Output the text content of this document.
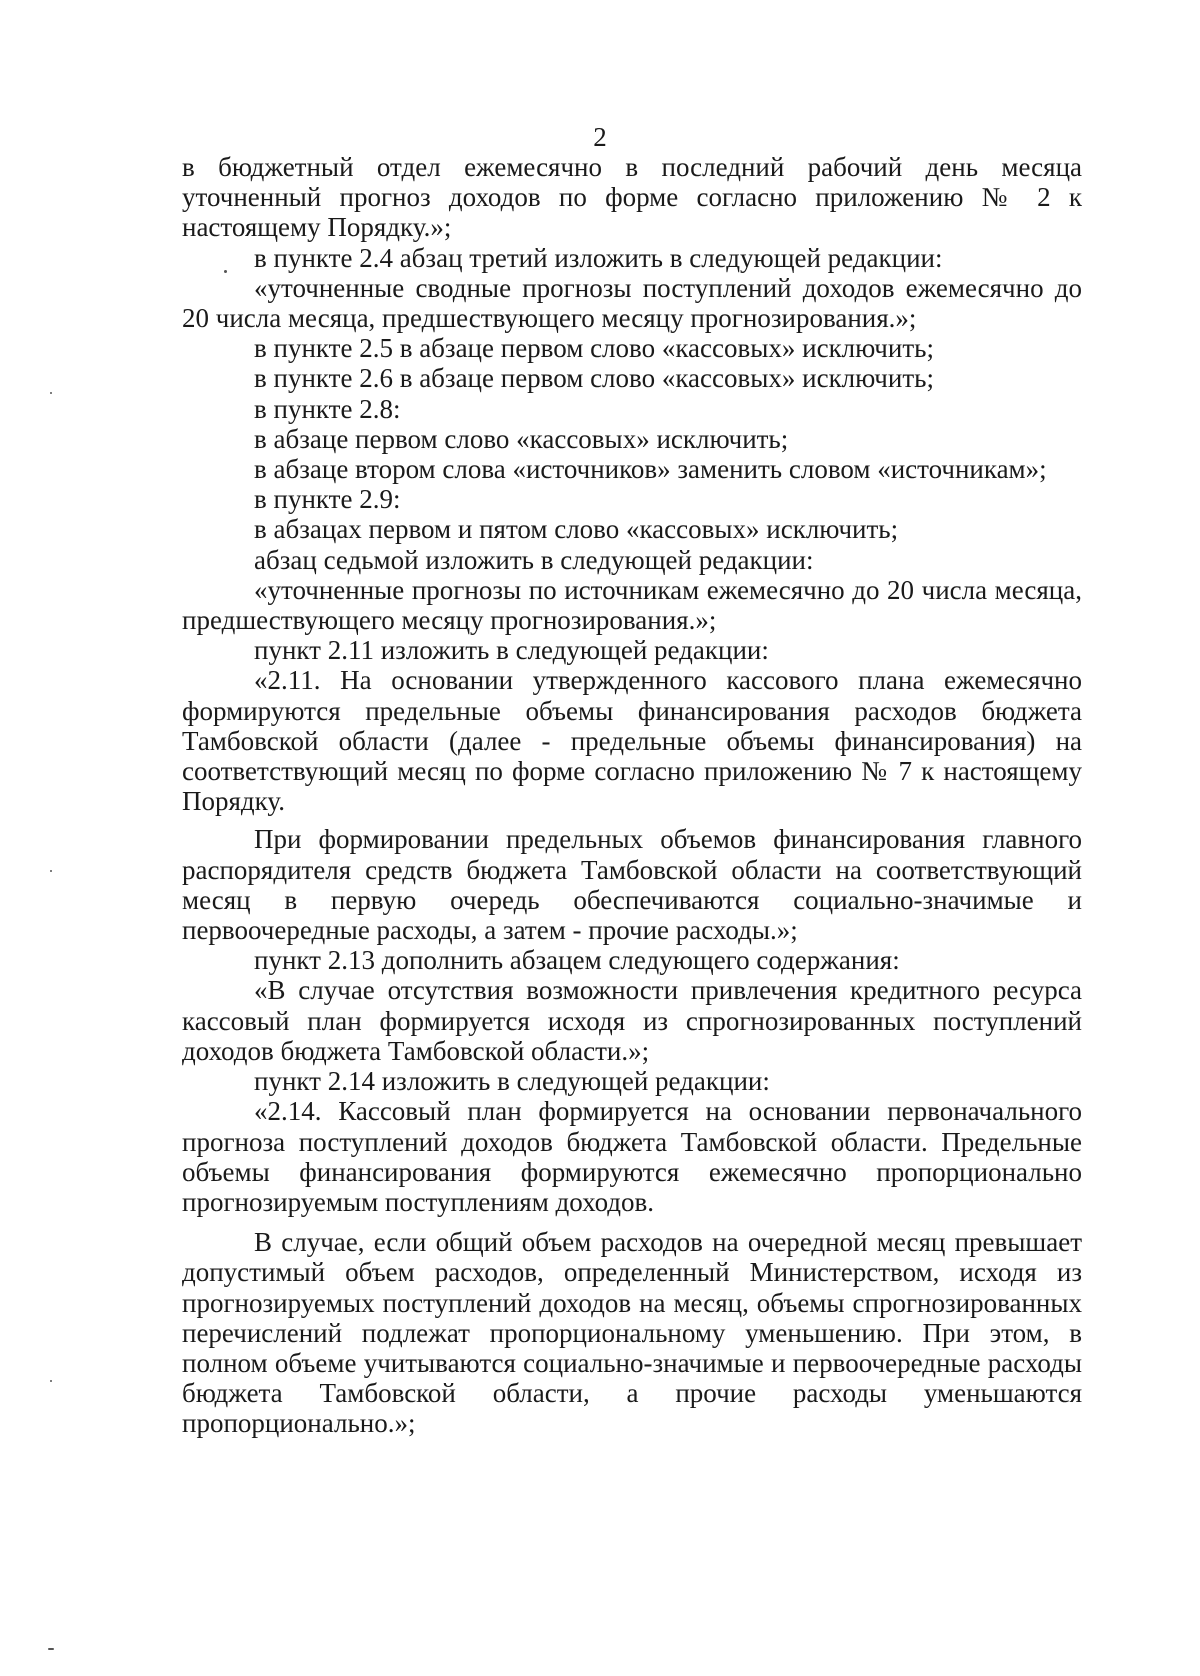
2

в бюджетный отдел ежемесячно в последний рабочий день месяца уточненный прогноз доходов по форме согласно приложению № 2 к настоящему Порядку.»;

в пункте 2.4 абзац третий изложить в следующей редакции:

«уточненные сводные прогнозы поступлений доходов ежемесячно до 20 числа месяца, предшествующего месяцу прогнозирования.»;

в пункте 2.5 в абзаце первом слово «кассовых» исключить;

в пункте 2.6 в абзаце первом слово «кассовых» исключить;

в пункте 2.8:

в абзаце первом слово «кассовых» исключить;

в абзаце втором слова «источников» заменить словом «источникам»;

в пункте 2.9:

в абзацах первом и пятом слово «кассовых» исключить;

абзац седьмой изложить в следующей редакции:

«уточненные прогнозы по источникам ежемесячно до 20 числа месяца, предшествующего месяцу прогнозирования.»;

пункт 2.11 изложить в следующей редакции:

«2.11. На основании утвержденного кассового плана ежемесячно формируются предельные объемы финансирования расходов бюджета Тамбовской области (далее - предельные объемы финансирования) на соответствующий месяц по форме согласно приложению № 7 к настоящему Порядку.

При формировании предельных объемов финансирования главного распорядителя средств бюджета Тамбовской области на соответствующий месяц в первую очередь обеспечиваются социально-значимые и первоочередные расходы, а затем - прочие расходы.»;

пункт 2.13 дополнить абзацем следующего содержания:

«В случае отсутствия возможности привлечения кредитного ресурса кассовый план формируется исходя из спрогнозированных поступлений доходов бюджета Тамбовской области.»;

пункт 2.14 изложить в следующей редакции:

«2.14. Кассовый план формируется на основании первоначального прогноза поступлений доходов бюджета Тамбовской области. Предельные объемы финансирования формируются ежемесячно пропорционально прогнозируемым поступлениям доходов.

В случае, если общий объем расходов на очередной месяц превышает допустимый объем расходов, определенный Министерством, исходя из прогнозируемых поступлений доходов на месяц, объемы спрогнозированных перечислений подлежат пропорциональному уменьшению. При этом, в полном объеме учитываются социально-значимые и первоочередные расходы бюджета Тамбовской области, а прочие расходы уменьшаются пропорционально.»;
